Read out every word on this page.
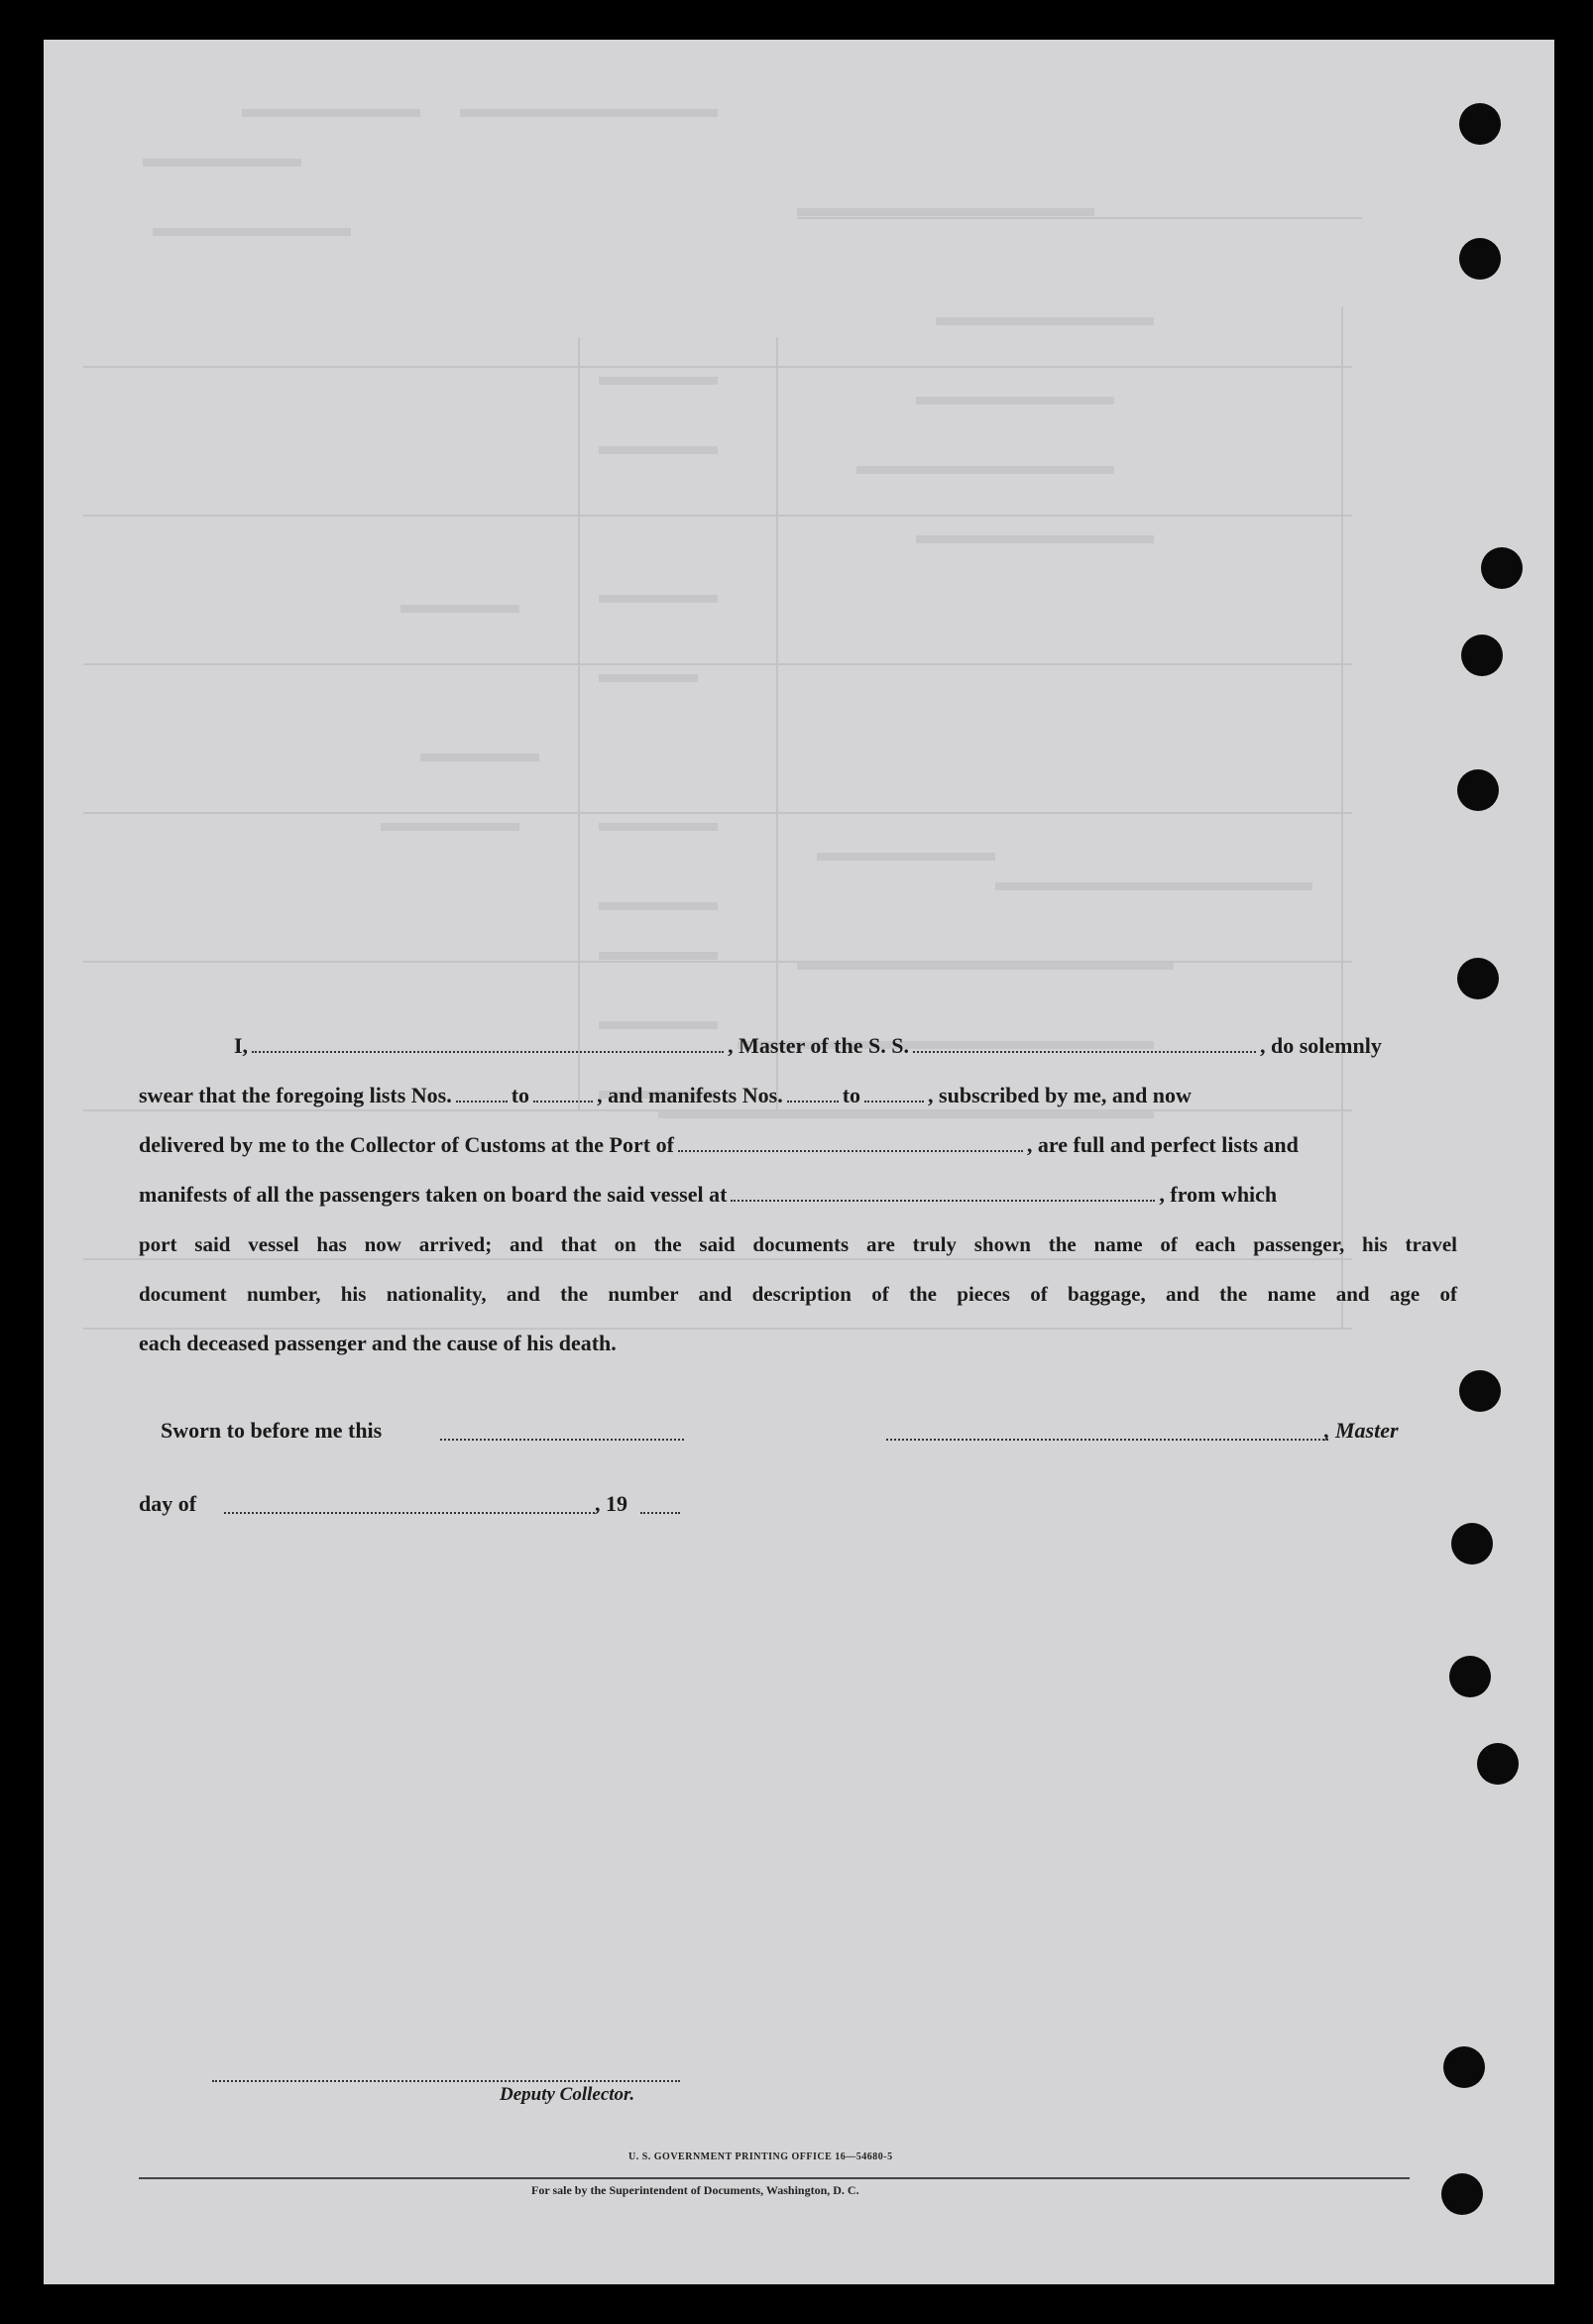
I,	, Master of the S. S.	, do solemnly
swear that the foregoing lists Nos.	to	, and manifests Nos.	to	, subscribed by me, and now
delivered by me to the Collector of Customs at the Port of	, are full and perfect lists and
manifests of all the passengers taken on board the said vessel at	, from which
port said vessel has now arrived; and that on the said documents are truly shown the name of each passenger, his travel
document number, his nationality, and the number and description of the pieces of baggage, and the name and age of
each deceased passenger and the cause of his death.
Sworn to before me this	, Master
day of	, 19
Deputy Collector.
U. S. GOVERNMENT PRINTING OFFICE 16—54680-5
For sale by the Superintendent of Documents, Washington, D. C.
